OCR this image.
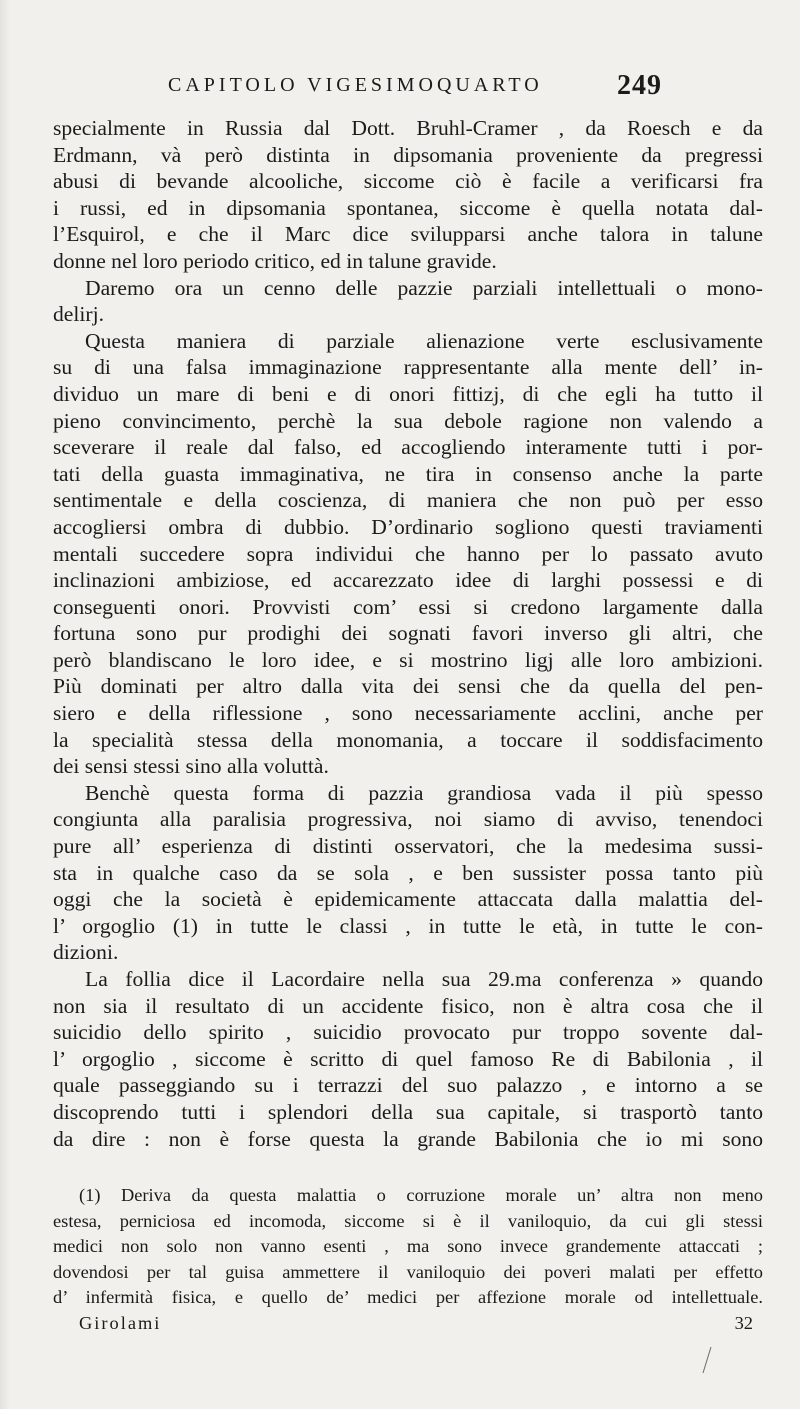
CAPITOLO VIGESIMOQUARTO	249
specialmente in Russia dal Dott. Bruhl-Cramer , da Roesch e da
Erdmann, và però distinta in dipsomania proveniente da pregressi
abusi di bevande alcooliche, siccome ciò è facile a verificarsi fra
i russi, ed in dipsomania spontanea, siccome è quella notata dal-
l’Esquirol, e che il Marc dice svilupparsi anche talora in talune
donne nel loro periodo critico, ed in talune gravide.
Daremo ora un cenno delle pazzie parziali intellettuali o mono-
delirj.
Questa maniera di parziale alienazione verte esclusivamente
su di una falsa immaginazione rappresentante alla mente dell’ in-
dividuo un mare di beni e di onori fittizj, di che egli ha tutto il
pieno convincimento, perchè la sua debole ragione non valendo a
sceverare il reale dal falso, ed accogliendo interamente tutti i por-
tati della guasta immaginativa, ne tira in consenso anche la parte
sentimentale e della coscienza, di maniera che non può per esso
accogliersi ombra di dubbio. D’ordinario sogliono questi traviamenti
mentali succedere sopra individui che hanno per lo passato avuto
inclinazioni ambiziose, ed accarezzato idee di larghi possessi e di
conseguenti onori. Provvisti com’ essi si credono largamente dalla
fortuna sono pur prodighi dei sognati favori inverso gli altri, che
però blandiscano le loro idee, e si mostrino ligj alle loro ambizioni.
Più dominati per altro dalla vita dei sensi che da quella del pen-
siero e della riflessione , sono necessariamente acclini, anche per
la specialità stessa della monomania, a toccare il soddisfacimento
dei sensi stessi sino alla voluttà.
Benchè questa forma di pazzia grandiosa vada il più spesso
congiunta alla paralisia progressiva, noi siamo di avviso, tenendoci
pure all’ esperienza di distinti osservatori, che la medesima sussi-
sta in qualche caso da se sola , e ben sussister possa tanto più
oggi che la società è epidemicamente attaccata dalla malattia del-
l’ orgoglio (1) in tutte le classi , in tutte le età, in tutte le con-
dizioni.
La follia dice il Lacordaire nella sua 29.ma conferenza » quando
non sia il resultato di un accidente fisico, non è altra cosa che il
suicidio dello spirito , suicidio provocato pur troppo sovente dal-
l’ orgoglio , siccome è scritto di quel famoso Re di Babilonia , il
quale passeggiando su i terrazzi del suo palazzo , e intorno a se
discoprendo tutti i splendori della sua capitale, si trasportò tanto
da dire : non è forse questa la grande Babilonia che io mi sono
(1) Deriva da questa malattia o corruzione morale un’ altra non meno
estesa, perniciosa ed incomoda, siccome si è il vaniloquio, da cui gli stessi
medici non solo non vanno esenti , ma sono invece grandemente attaccati ;
dovendosi per tal guisa ammettere il vaniloquio dei poveri malati per effetto
d’ infermità fisica, e quello de’ medici per affezione morale od intellettuale.
Girolami	32
